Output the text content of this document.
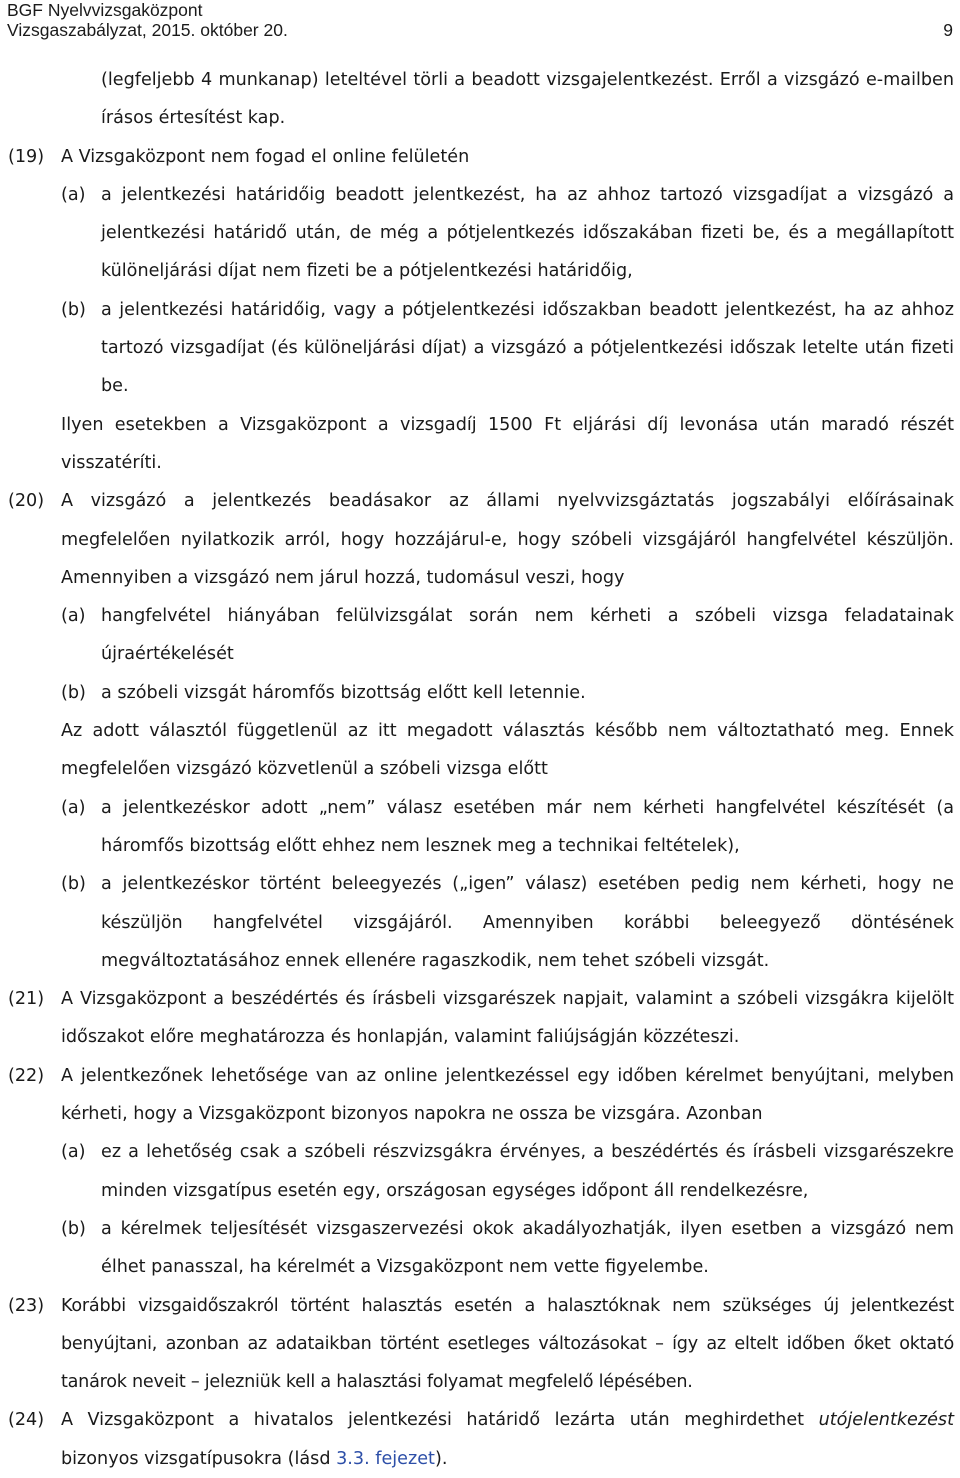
BGF Nyelvvizsgaközpont
Vizsgaszabályzat, 2015. október 20.	9

(legfeljebb 4 munkanap) leteltével törli a beadott vizsgajelentkezést. Erről a vizsgázó e-mailben írásos értesítést kap.

(19) A Vizsgaközpont nem fogad el online felületén
(a) a jelentkezési határidőig beadott jelentkezést, ha az ahhoz tartozó vizsgadíjat a vizsgázó a jelentkezési határidő után, de még a pótjelentkezés időszakában fizeti be, és a megállapított különeljárási díjat nem fizeti be a pótjelentkezési határidőig,
(b) a jelentkezési határidőig, vagy a pótjelentkezési időszakban beadott jelentkezést, ha az ahhoz tartozó vizsgadíjat (és különeljárási díjat) a vizsgázó a pótjelentkezési időszak letelte után fizeti be.

Ilyen esetekben a Vizsgaközpont a vizsgadíj 1500 Ft eljárási díj levonása után maradó részét visszatéríti.

(20) A vizsgázó a jelentkezés beadásakor az állami nyelvvizsgáztatás jogszabályi előírásainak megfelelően nyilatkozik arról, hogy hozzájárul-e, hogy szóbeli vizsgájáról hangfelvétel készüljön. Amennyiben a vizsgázó nem járul hozzá, tudomásul veszi, hogy
(a) hangfelvétel hiányában felülvizsgálat során nem kérheti a szóbeli vizsga feladatainak újraértékelését
(b) a szóbeli vizsgát háromfős bizottság előtt kell letennie.

Az adott választól függetlenül az itt megadott választás később nem változtatható meg. Ennek megfelelően vizsgázó közvetlenül a szóbeli vizsga előtt

(a) a jelentkezéskor adott „nem” válasz esetében már nem kérheti hangfelvétel készítését (a háromfős bizottság előtt ehhez nem lesznek meg a technikai feltételek),
(b) a jelentkezéskor történt beleegyezés („igen” válasz) esetében pedig nem kérheti, hogy ne készüljön hangfelvétel vizsgájáról. Amennyiben korábbi beleegyező döntésének megváltoztatásához ennek ellenére ragaszkodik, nem tehet szóbeli vizsgát.
(21) A Vizsgaközpont a beszédértés és írásbeli vizsgarészek napjait, valamint a szóbeli vizsgákra kijelölt időszakot előre meghatározza és honlapján, valamint faliújságján közzéteszi.
(22) A jelentkezőnek lehetősége van az online jelentkezéssel egy időben kérelmet benyújtani, melyben kérheti, hogy a Vizsgaközpont bizonyos napokra ne ossza be vizsgára. Azonban
(a) ez a lehetőség csak a szóbeli részvizsgákra érvényes, a beszédértés és írásbeli vizsgarészekre minden vizsgatípus esetén egy, országosan egységes időpont áll rendelkezésre,
(b) a kérelmek teljesítését vizsgaszervezési okok akadályozhatják, ilyen esetben a vizsgázó nem élhet panasszal, ha kérelmét a Vizsgaközpont nem vette figyelembe.
(23) Korábbi vizsgaidőszakról történt halasztás esetén a halasztóknak nem szükséges új jelentkezést benyújtani, azonban az adataikban történt esetleges változásokat – így az eltelt időben őket oktató tanárok neveit – jelezniük kell a halasztási folyamat megfelelő lépésében.
(24) A Vizsgaközpont a hivatalos jelentkezési határidő lezárta után meghirdethet utójelentkezést bizonyos vizsgatípusokra (lásd 3.3. fejezet).
